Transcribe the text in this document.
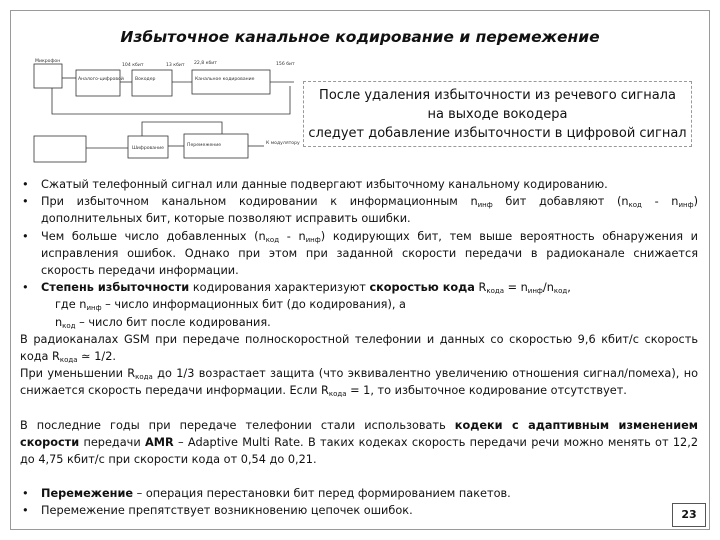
Избыточное канальное кодирование и перемежение
Микрофон
Аналого-цифровой Вокодер	Канальное кодирование
104 кбит	13 кбит 22,8 кбит	156 бит
Шифрование
Перемежение	К модулятору
После удаления избыточности из речевого сигнала
на выходе вокодера
следует добавление избыточности в цифровой сигнал
• Сжатый телефонный сигнал или данные подвергают избыточному канальному кодированию.
• При избыточном канальном кодировании к информационным $n_{инф}$ бит добавляют $(n_{код} - n_{инф})$ дополнительных бит, которые позволяют исправить ошибки.
• Чем больше число добавленных $(n_{код} - n_{инф})$ кодирующих бит, тем выше вероятность обнаружения и исправления ошибок. Однако при этом при заданной скорости передачи в радиоканале снижается скорость передачи информации.
• Степень избыточности кодирования характеризуют скоростью кода $R_{кода} = n_{инф}/n_{код}$,
где $n_{инф}$ – число информационных бит (до кодирования), а
$n_{код}$ – число бит после кодирования.
В радиоканалах GSM при передаче полноскоростной телефонии и данных со скоростью 9,6 кбит/с скорость кода $R_{кода}$ ≃ 1/2.
При уменьшении $R_{кода}$ до 1/3 возрастает защита (что эквивалентно увеличению отношения сигнал/помеха), но снижается скорость передачи информации. Если $R_{кода} = 1$, то избыточное кодирование отсутствует.
В последние годы при передаче телефонии стали использовать кодеки с адаптивным изменением скорости передачи AMR – Adaptive Multi Rate. В таких кодеках скорость передачи речи можно менять от 12,2 до 4,75 кбит/с при скорости кода от 0,54 до 0,21.
• Перемежение – операция перестановки бит перед формированием пакетов.
• Перемежение препятствует возникновению цепочек ошибок.	23
